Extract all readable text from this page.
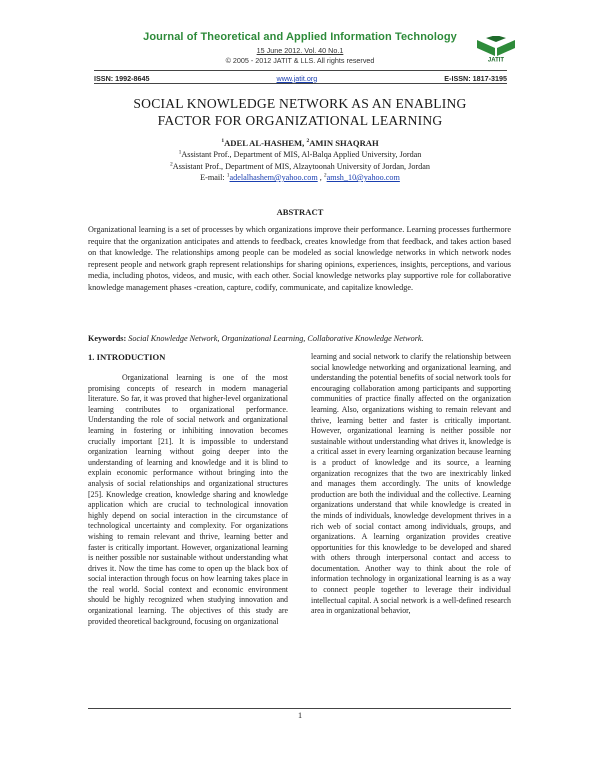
Journal of Theoretical and Applied Information Technology
15 June 2012. Vol. 40 No.1
© 2005 - 2012 JATIT & LLS. All rights reserved	JATIT
ISSN: 1992-8645	www.jatit.org	E-ISSN: 1817-3195
SOCIAL KNOWLEDGE NETWORK AS AN ENABLING
FACTOR FOR ORGANIZATIONAL LEARNING
$^1$ADEL AL-HASHEM, $^2$AMIN SHAQRAH
$^1$Assistant Prof., Department of MIS, Al-Balqa Applied University, Jordan
$^2$Assistant Prof., Department of MIS, Alzaytoonah University of Jordan, Jordan
E-mail: $^1$adelalhashem@yahoo.com , $^2$amsh_10@yahoo.com
ABSTRACT

Organizational learning is a set of processes by which organizations improve their performance. Learning processes furthermore require that the organization anticipates and attends to feedback, creates knowledge from that feedback, and takes action based on that knowledge. The relationships among people can be modeled as social knowledge networks in which network nodes represent people and network graph represent relationships for sharing opinions, experiences, insights, perceptions, and various media, including photos, videos, and music, with each other. Social knowledge networks play supportive role for collaborative knowledge management phases -creation, capture, codify, communicate, and capitalize knowledge.

Keywords: Social Knowledge Network, Organizational Learning, Collaborative Knowledge Network.

1. INTRODUCTION

Organizational learning is one of the most promising concepts of research in modern managerial literature. So far, it was proved that higher-level organizational learning contributes to organizational performance. Understanding the role of social network and organizational learning in fostering or inhibiting innovation becomes crucially important [21]. It is impossible to understand organization learning without going deeper into the understanding of learning and knowledge and it is blind to explain economic performance without bringing into the analysis of social relationships and organizational structures [25]. Knowledge creation, knowledge sharing and knowledge application which are crucial to technological innovation highly depend on social interaction in the circumstance of technological uncertainty and complexity. For organizations wishing to remain relevant and thrive, learning better and faster is critically important. However, organizational learning is neither possible nor sustainable without understanding what drives it. Now the time has come to open up the black box of social interaction through focus on how learning takes place in the real world. Social context and economic environment should be highly recognized when studying innovation and organizational learning. The objectives of this study are provided theoretical background, focusing on organizational

learning and social network to clarify the relationship between social knowledge networking and organizational learning, and understanding the potential benefits of social network tools for encouraging collaboration among participants and supporting communities of practice finally affected on the organization learning. Also, organizations wishing to remain relevant and thrive, learning better and faster is critically important. However, organizational learning is neither possible nor sustainable without understanding what drives it, knowledge is a critical asset in every learning organization because learning is a product of knowledge and its source, a learning organization recognizes that the two are inextricably linked and manages them accordingly. The units of knowledge production are both the individual and the collective. Learning organizations understand that while knowledge is created in the minds of individuals, knowledge development thrives in a rich web of social contact among individuals, groups, and organizations. A learning organization provides creative opportunities for this knowledge to be developed and shared with others through interpersonal contact and access to documentation. Another way to think about the role of information technology in organizational learning is as a way to connect people together to leverage their individual intellectual capital. A social network is a well-defined research area in organizational behavior,

1
